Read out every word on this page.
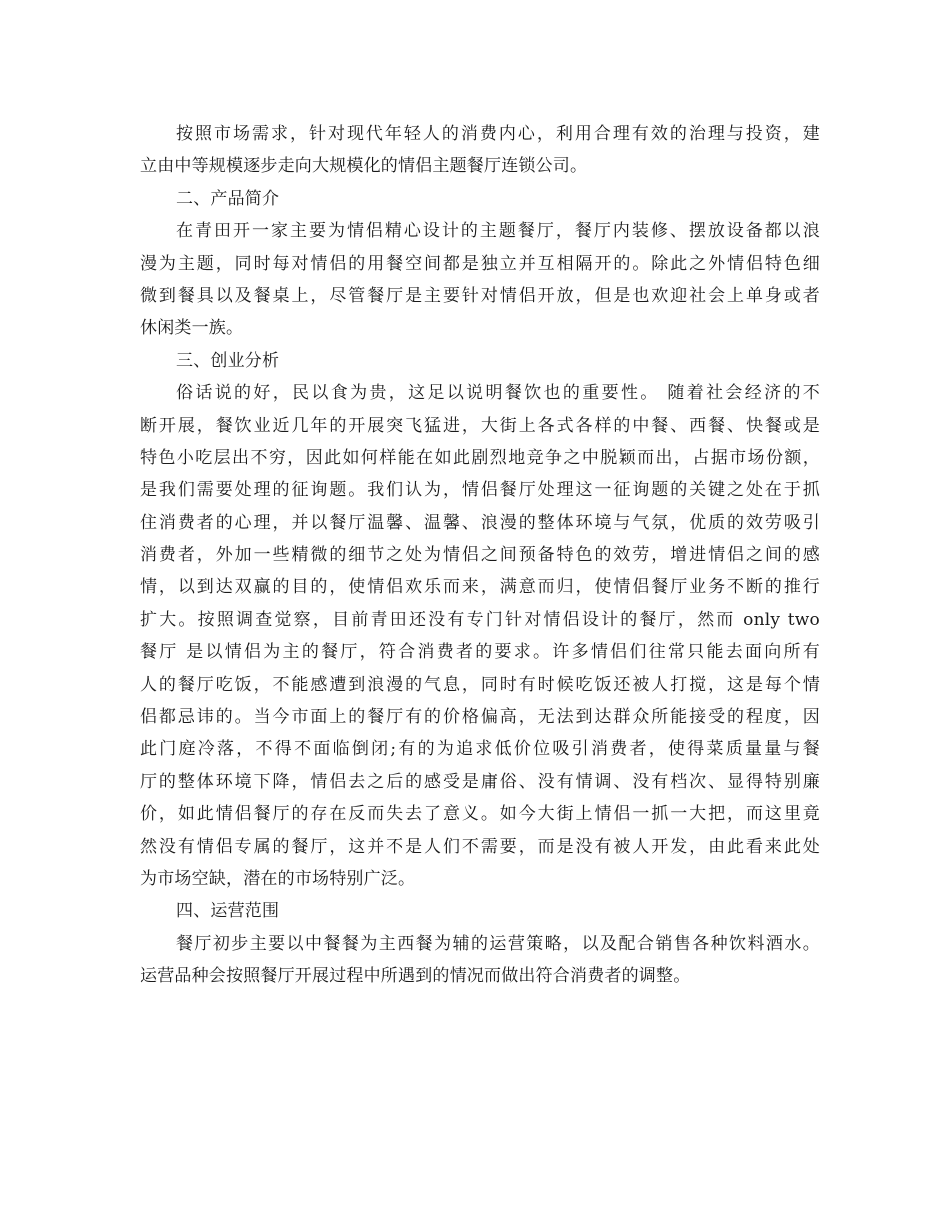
按照市场需求，针对现代年轻人的消费内心，利用合理有效的治理与投资，建
立由中等规模逐步走向大规模化的情侣主题餐厅连锁公司。
二、产品简介
在青田开一家主要为情侣精心设计的主题餐厅，餐厅内装修、摆放设备都以浪
漫为主题，同时每对情侣的用餐空间都是独立并互相隔开的。除此之外情侣特色细
微到餐具以及餐桌上，尽管餐厅是主要针对情侣开放，但是也欢迎社会上单身或者
休闲类一族。
三、创业分析
俗话说的好，民以食为贵，这足以说明餐饮也的重要性。 随着社会经济的不
断开展，餐饮业近几年的开展突飞猛进，大街上各式各样的中餐、西餐、快餐或是
特色小吃层出不穷，因此如何样能在如此剧烈地竞争之中脱颖而出，占据市场份额，
是我们需要处理的征询题。我们认为，情侣餐厅处理这一征询题的关键之处在于抓
住消费者的心理，并以餐厅温馨、温馨、浪漫的整体环境与气氛，优质的效劳吸引
消费者，外加一些精微的细节之处为情侣之间预备特色的效劳，增进情侣之间的感
情，以到达双赢的目的，使情侣欢乐而来，满意而归，使情侣餐厅业务不断的推行
扩大。按照调查觉察，目前青田还没有专门针对情侣设计的餐厅，然而 only two
餐厅 是以情侣为主的餐厅，符合消费者的要求。许多情侣们往常只能去面向所有
人的餐厅吃饭，不能感遭到浪漫的气息，同时有时候吃饭还被人打搅，这是每个情
侣都忌讳的。当今市面上的餐厅有的价格偏高，无法到达群众所能接受的程度，因
此门庭冷落，不得不面临倒闭;有的为追求低价位吸引消费者，使得菜质量量与餐
厅的整体环境下降，情侣去之后的感受是庸俗、没有情调、没有档次、显得特别廉
价，如此情侣餐厅的存在反而失去了意义。如今大街上情侣一抓一大把，而这里竟
然没有情侣专属的餐厅，这并不是人们不需要，而是没有被人开发，由此看来此处
为市场空缺，潜在的市场特别广泛。
四、运营范围
餐厅初步主要以中餐餐为主西餐为辅的运营策略，以及配合销售各种饮料酒水。
运营品种会按照餐厅开展过程中所遇到的情况而做出符合消费者的调整。
